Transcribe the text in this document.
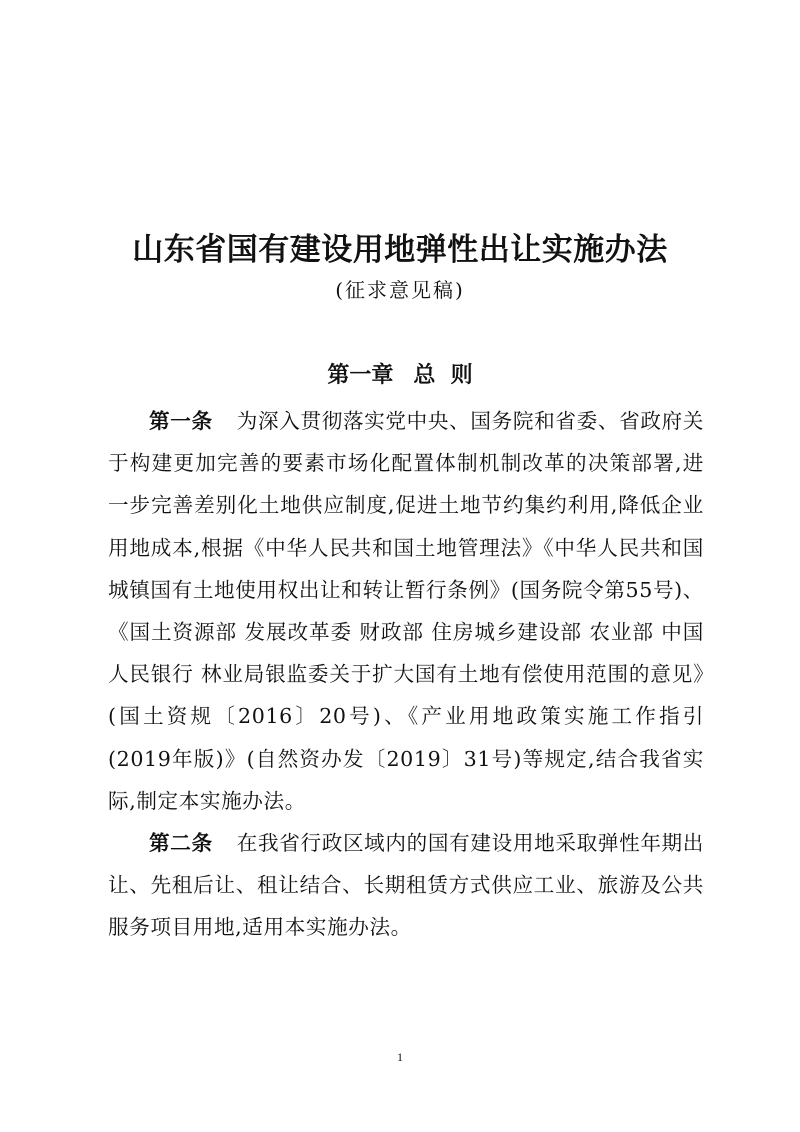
山东省国有建设用地弹性出让实施办法
(征求意见稿)
第一章 总  则

第一条 为深入贯彻落实党中央、国务院和省委、省政府关于构建更加完善的要素市场化配置体制机制改革的决策部署,进一步完善差别化土地供应制度,促进土地节约集约利用,降低企业用地成本,根据《中华人民共和国土地管理法》《中华人民共和国城镇国有土地使用权出让和转让暂行条例》(国务院令第55号)、《国土资源部 发展改革委 财政部 住房城乡建设部 农业部 中国人民银行 林业局银监委关于扩大国有土地有偿使用范围的意见》(国土资规〔2016〕20号)、《产业用地政策实施工作指引(2019年版)》(自然资办发〔2019〕31号)等规定,结合我省实际,制定本实施办法。

第二条 在我省行政区域内的国有建设用地采取弹性年期出让、先租后让、租让结合、长期租赁方式供应工业、旅游及公共服务项目用地,适用本实施办法。

1
